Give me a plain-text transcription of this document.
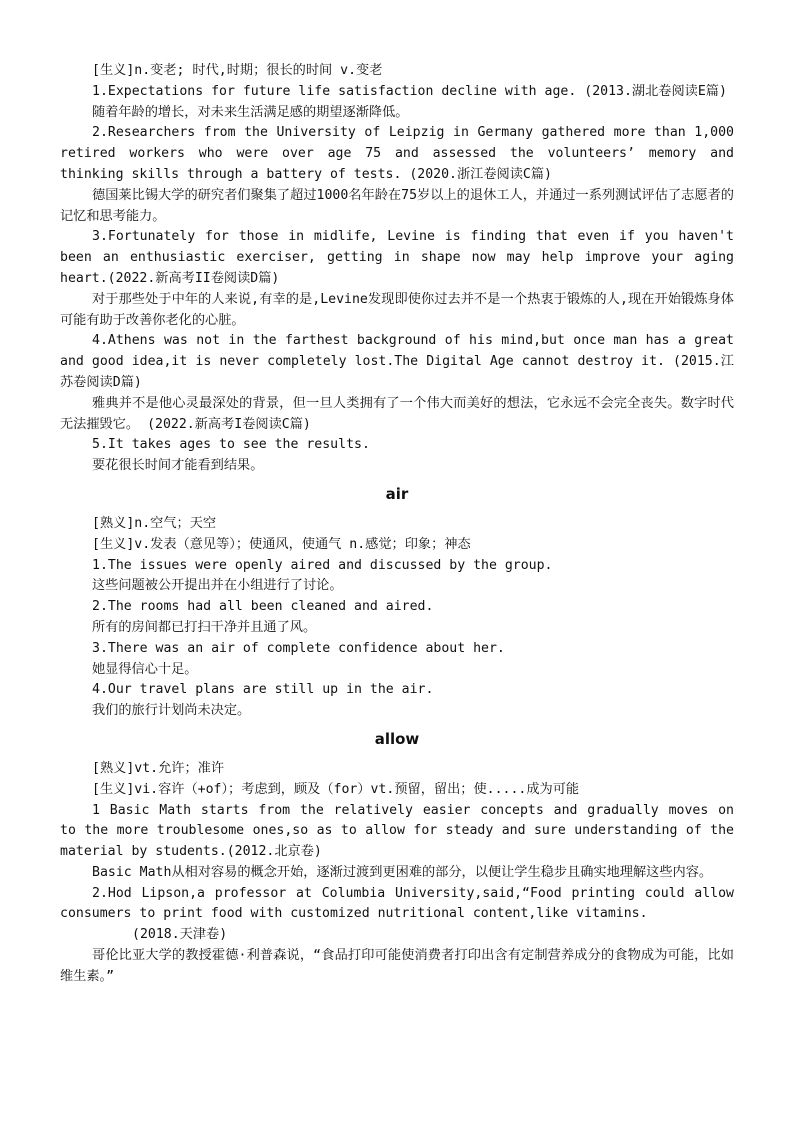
[生义]n.变老; 时代,时期；很长的时间 v.变老

1.Expectations for future life satisfaction decline with age. (2013.湖北卷阅读E篇)

随着年龄的增长，对未来生活满足感的期望逐渐降低。

2.Researchers from the University of Leipzig in Germany gathered more than 1,000 retired workers who were over age 75 and assessed the volunteers’ memory and thinking skills through a battery of tests. (2020.浙江卷阅读C篇)

德国莱比锡大学的研究者们聚集了超过1000名年龄在75岁以上的退休工人，并通过一系列测试评估了志愿者的记忆和思考能力。

3.Fortunately for those in midlife, Levine is finding that even if you haven't been an enthusiastic exerciser, getting in shape now may help improve your aging heart.(2022.新高考II卷阅读D篇)

对于那些处于中年的人来说,有幸的是,Levine发现即使你过去并不是一个热衷于锻炼的人,现在开始锻炼身体可能有助于改善你老化的心脏。

4.Athens was not in the farthest background of his mind,but once man has a great and good idea,it is never completely lost.The Digital Age cannot destroy it. (2015.江苏卷阅读D篇)

雅典并不是他心灵最深处的背景，但一旦人类拥有了一个伟大而美好的想法，它永远不会完全丧失。数字时代无法摧毁它。 (2022.新高考I卷阅读C篇)

5.It takes ages to see the results.

要花很长时间才能看到结果。

air

[熟义]n.空气；天空

[生义]v.发表（意见等）；使通风，使通气 n.感觉；印象；神态

1.The issues were openly aired and discussed by the group.

这些问题被公开提出并在小组进行了讨论。

2.The rooms had all been cleaned and aired.

所有的房间都已打扫干净并且通了风。

3.There was an air of complete confidence about her.

她显得信心十足。

4.Our travel plans are still up in the air.

我们的旅行计划尚未决定。

allow

[熟义]vt.允许；准许

[生义]vi.容许（+of）；考虑到，顾及（for）vt.预留，留出；使.....成为可能

1 Basic Math starts from the relatively easier concepts and gradually moves on to the more troublesome ones,so as to allow for steady and sure understanding of the material by students.(2012.北京卷)

Basic Math从相对容易的概念开始，逐渐过渡到更困难的部分，以便让学生稳步且确实地理解这些内容。

2.Hod Lipson,a professor at Columbia University,said,“Food printing could allow consumers to print food with customized nutritional content,like vitamins.

(2018.天津卷)

哥伦比亚大学的教授霍德·利普森说，“食品打印可能使消费者打印出含有定制营养成分的食物成为可能，比如维生素。”
